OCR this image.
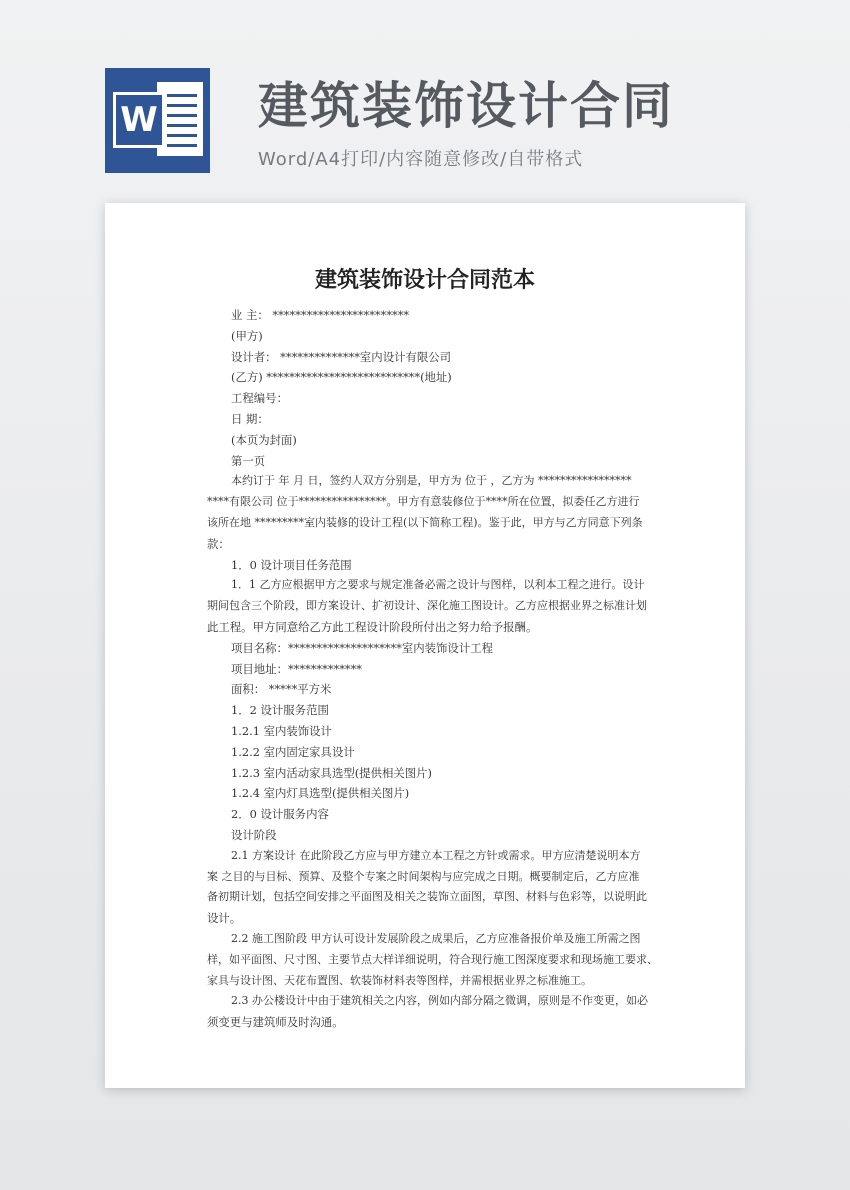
W 建筑装饰设计合同

Word/A4打印/内容随意修改/自带格式

建筑装饰设计合同范本

业 主： ************************

(甲方)

设计者： **************室内设计有限公司

(乙方) ***************************(地址)

工程编号：

日 期：

(本页为封面)

第一页

本约订于 年 月 日，签约人双方分别是，甲方为 位于 ，乙方为 *****************

****有限公司 位于****************。甲方有意装修位于****所在位置，拟委任乙方进行

该所在地 *********室内装修的设计工程(以下简称工程)。鉴于此，甲方与乙方同意下列条

款：

1．0 设计项目任务范围

1．1 乙方应根据甲方之要求与规定准备必需之设计与图样，以利本工程之进行。设计

期间包含三个阶段，即方案设计、扩初设计、深化施工图设计。乙方应根据业界之标准计划

此工程。甲方同意给乙方此工程设计阶段所付出之努力给予报酬。

项目名称：********************室内装饰设计工程

项目地址：*************

面积： *****平方米

1．2 设计服务范围

1.2.1 室内装饰设计

1.2.2 室内固定家具设计

1.2.3 室内活动家具选型(提供相关图片)

1.2.4 室内灯具选型(提供相关图片)

2．0 设计服务内容

设计阶段

2.1 方案设计 在此阶段乙方应与甲方建立本工程之方针或需求。甲方应清楚说明本方

案 之目的与目标、预算、及整个专案之时间架构与应完成之日期。概要制定后，乙方应准

备初期计划，包括空间安排之平面图及相关之装饰立面图，草图、材料与色彩等，以说明此

设计。

2.2 施工图阶段 甲方认可设计发展阶段之成果后，乙方应准备报价单及施工所需之图

样，如平面图、尺寸图、主要节点大样详细说明，符合现行施工图深度要求和现场施工要求、

家具与设计图、天花布置图、软装饰材料表等图样，并需根据业界之标准施工。

2.3 办公楼设计中由于建筑相关之内容，例如内部分隔之微调，原则是不作变更，如必

须变更与建筑师及时沟通。
